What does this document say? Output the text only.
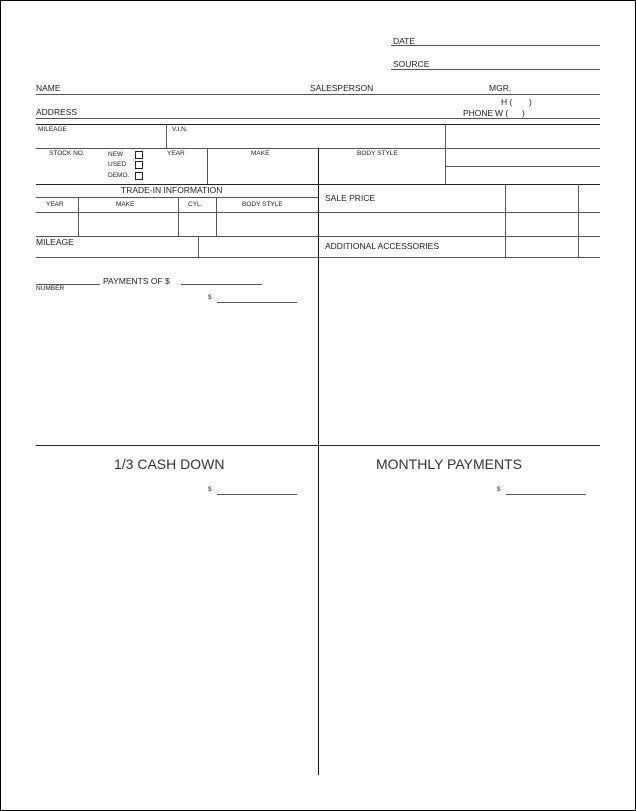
DATE
SOURCE
NAME	SALESPERSON	MGR.
H ( )
ADDRESS	PHONE W ( )
MILEAGE	V.I.N.
STOCK NO.	NEW
USED
DEMO.
YEAR	MAKE	BODY STYLE
TRADE-IN INFORMATION
YEAR	MAKE	CYL.	BODY STYLE
MILEAGE
SALE PRICE
ADDITIONAL ACCESSORIES
NUMBER
PAYMENTS OF $
$
1/3 CASH DOWN	MONTHLY PAYMENTS
$	$
